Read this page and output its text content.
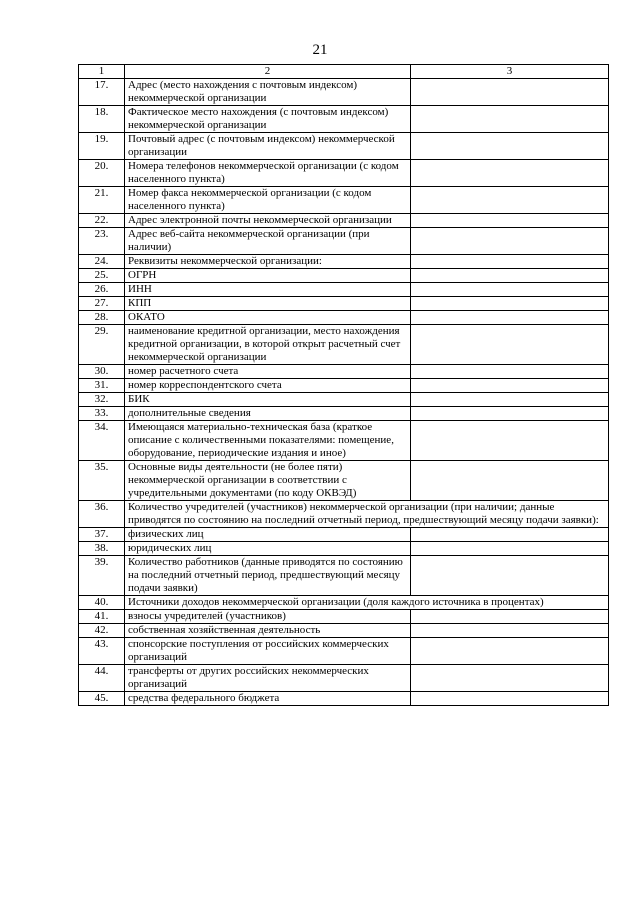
21
1	2	3
17.	Адрес (место нахождения с почтовым индексом) некоммерческой организации	
18.	Фактическое место нахождения (с почтовым индексом) некоммерческой организации	
19.	Почтовый адрес (с почтовым индексом) некоммерческой организации	
20.	Номера телефонов некоммерческой организации (с кодом населенного пункта)	
21.	Номер факса некоммерческой организации (с кодом населенного пункта)	
22.	Адрес электронной почты некоммерческой организации	
23.	Адрес веб-сайта некоммерческой организации (при наличии)	
24.	Реквизиты некоммерческой организации:	
25.	ОГРН	
26.	ИНН	
27.	КПП	
28.	ОКАТО	
29.	наименование кредитной организации, место нахождения кредитной организации, в которой открыт расчетный счет некоммерческой организации	
30.	номер расчетного счета	
31.	номер корреспондентского счета	
32.	БИК	
33.	дополнительные сведения	
34.	Имеющаяся материально-техническая база (краткое описание с количественными показателями: помещение, оборудование, периодические издания и иное)	
35.	Основные виды деятельности (не более пяти) некоммерческой организации в соответствии с учредительными документами (по коду ОКВЭД)	
36.	Количество учредителей (участников) некоммерческой организации (при наличии; данные приводятся по состоянию на последний отчетный период, предшествующий месяцу подачи заявки):	
37.	физических лиц	
38.	юридических лиц	
39.	Количество работников (данные приводятся по состоянию на последний отчетный период, предшествующий месяцу подачи заявки)	
40.	Источники доходов некоммерческой организации (доля каждого источника в процентах)	
41.	взносы учредителей (участников)	
42.	собственная хозяйственная деятельность	
43.	спонсорские поступления от российских коммерческих организаций	
44.	трансферты от других российских некоммерческих организаций	
45.	средства федерального бюджета	
